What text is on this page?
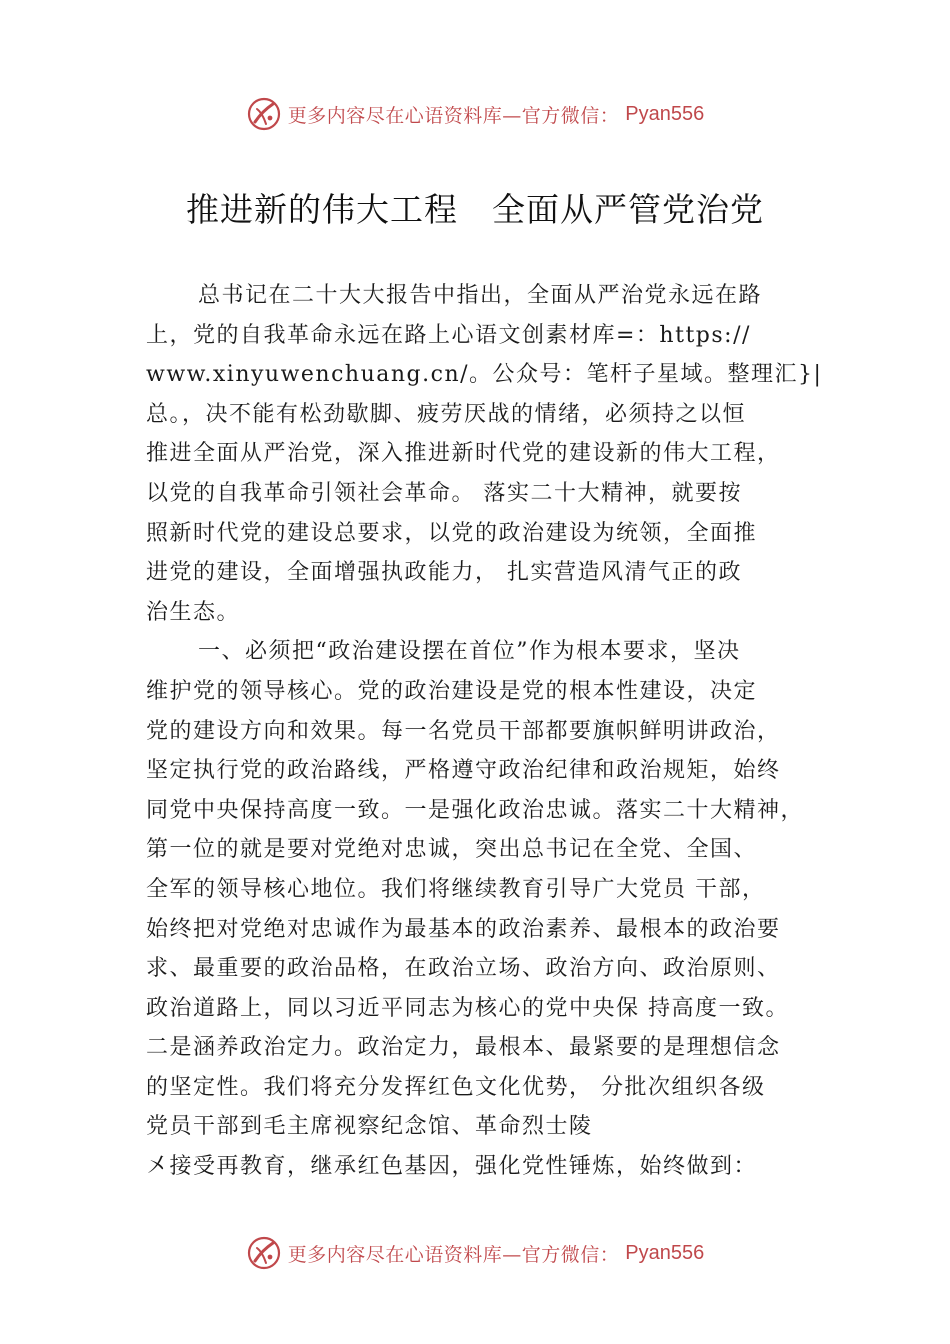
更多内容尽在心语资料库—官方微信： Pyan556
推进新的伟大工程　全面从严管党治党
总书记在二十大大报告中指出，全面从严治党永远在路
上，党的自我革命永远在路上心语文创素材库=：https://
www.xinyuwenchuang.cn/。公众号：笔杆子星域。整理汇}|
总。，决不能有松劲歇脚、疲劳厌战的情绪，必须持之以恒
推进全面从严治党，深入推进新时代党的建设新的伟大工程，
以党的自我革命引领社会革命。 落实二十大精神，就要按
照新时代党的建设总要求，以党的政治建设为统领，全面推
进党的建设，全面增强执政能力， 扎实营造风清气正的政
治生态。
一、必须把“政治建设摆在首位”作为根本要求，坚决
维护党的领导核心。党的政治建设是党的根本性建设，决定
党的建设方向和效果。每一名党员干部都要旗帜鲜明讲政治，
坚定执行党的政治路线，严格遵守政治纪律和政治规矩，始终
同党中央保持高度一致。一是强化政治忠诚。落实二十大精神，
第一位的就是要对党绝对忠诚，突出总书记在全党、全国、
全军的领导核心地位。我们将继续教育引导广大党员 干部，
始终把对党绝对忠诚作为最基本的政治素养、最根本的政治要
求、最重要的政治品格，在政治立场、政治方向、政治原则、
政治道路上，同以习近平同志为核心的党中央保 持高度一致。
二是涵养政治定力。政治定力，最根本、最紧要的是理想信念
的坚定性。我们将充分发挥红色文化优势， 分批次组织各级
党员干部到毛主席视察纪念馆、革命烈士陵
㐅接受再教育，继承红色基因，强化党性锤炼，始终做到：
更多内容尽在心语资料库—官方微信： Pyan556
